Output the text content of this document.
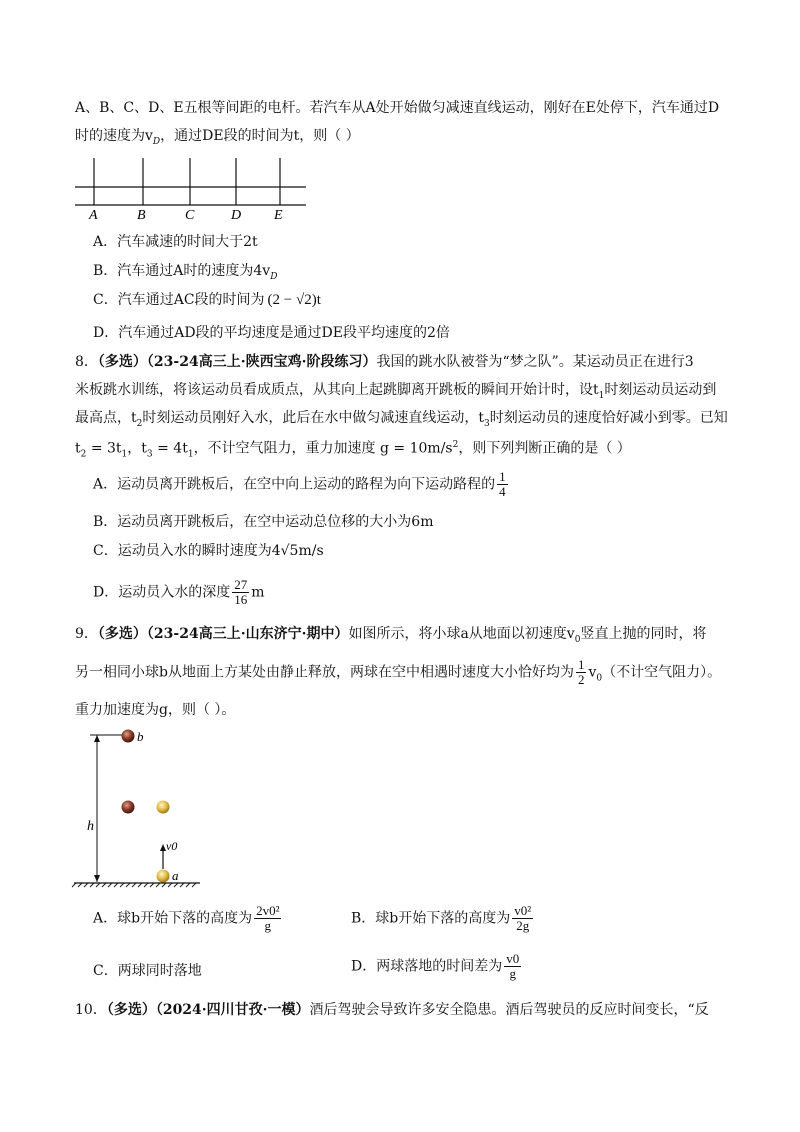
A、B、C、D、E五根等间距的电杆。若汽车从A处开始做匀减速直线运动，刚好在E处停下，汽车通过D
时的速度为$v_D$，通过DE段的时间为t，则（ ）
A	B	C	D E
A．汽车减速的时间大于2t
B．汽车通过A时的速度为$4v_D$
C．汽车通过AC段的时间为 (2 − √2)t
D．汽车通过AD段的平均速度是通过DE段平均速度的2倍
8．（多选）（23-24高三上·陕西宝鸡·阶段练习）我国的跳水队被誉为“梦之队”。某运动员正在进行3
米板跳水训练，将该运动员看成质点，从其向上起跳脚离开跳板的瞬间开始计时，设$t_1$时刻运动员运动到
最高点，$t_2$时刻运动员刚好入水，此后在水中做匀减速直线运动，$t_3$时刻运动员的速度恰好减小到零。已知
$t_2 = 3t_1$，$t_3 = 4t_1$，不计空气阻力，重力加速度 $g = 10m/s^2$，则下列判断正确的是（ ）
A．运动员离开跳板后，在空中向上运动的路程为向下运动路程的 $\frac{1}{4}$
B．运动员离开跳板后，在空中运动总位移的大小为6m
C．运动员入水的瞬时速度为4√5m/s
D．运动员入水的深度 $\frac{27}{16}$ m
9．（多选）（23-24高三上·山东济宁·期中）如图所示，将小球a从地面以初速度$v_0$竖直上抛的同时，将
另一相同小球b从地面上方某处由静止释放，两球在空中相遇时速度大小恰好均为 $\frac{1}{2} v_0$（不计空气阻力）。
重力加速度为g，则（ ）。
h
b
v0
a
A．球b开始下落的高度为 $\frac{\text{2v0²}}{g}$	B．球b开始下落的高度为 $\frac{\text{v0²}}{2g}$
C．两球同时落地	D．两球落地的时间差为 $\frac{v0}{g}$
10．（多选）（2024·四川甘孜·一模）酒后驾驶会导致许多安全隐患。酒后驾驶员的反应时间变长，“反
